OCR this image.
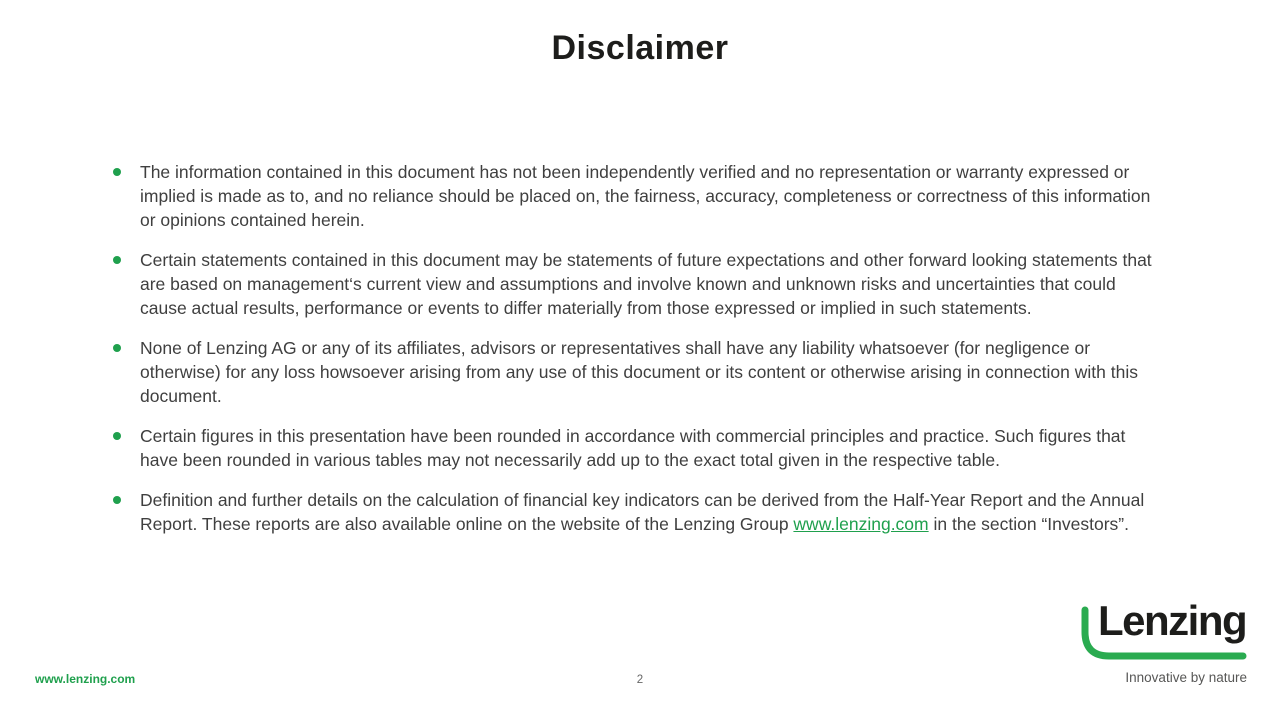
Disclaimer
The information contained in this document has not been independently verified and no representation or warranty expressed or implied is made as to, and no reliance should be placed on, the fairness, accuracy, completeness or correctness of this information or opinions contained herein.
Certain statements contained in this document may be statements of future expectations and other forward looking statements that are based on management‘s current view and assumptions and involve known and unknown risks and uncertainties that could cause actual results, performance or events to differ materially from those expressed or implied in such statements.
None of Lenzing AG or any of its affiliates, advisors or representatives shall have any liability whatsoever (for negligence or otherwise) for any loss howsoever arising from any use of this document or its content or otherwise arising in connection with this document.
Certain figures in this presentation have been rounded in accordance with commercial principles and practice. Such figures that have been rounded in various tables may not necessarily add up to the exact total given in the respective table.
Definition and further details on the calculation of financial key indicators can be derived from the Half-Year Report and the Annual Report. These reports are also available online on the website of the Lenzing Group www.lenzing.com in the section “Investors”.
www.lenzing.com	2
Lenzing
Innovative by nature
